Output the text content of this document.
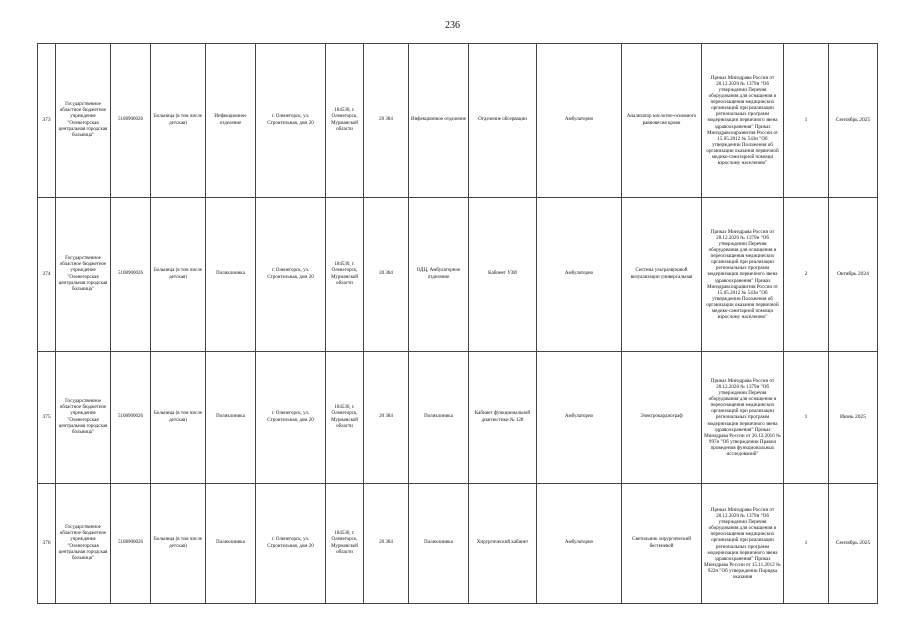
236
373	Государственное областное бюджетное учреждение "Оленегорская центральная городская больница"	5108900026	Больница (в том числе детская)	Инфекционное отделение	г. Оленегорск, ул. Строительная, дом 20	184530, г. Оленегорск, Мурманской области	20 384	Инфекционное отделение	Отделение обсервации	Амбулаторно	Анализатор кислотно-основного равновесия крови	Приказ Минздрава России от 28.12.2020 № 1379н "Об утверждении Перечня оборудования для оснащения и переоснащения медицинских организаций при реализации региональных программ модернизации первичного звена здравоохранения" Приказ Минздравсоцразвития России от 15.05.2012 № 543н "Об утверждении Положения об организации оказания первичной медико-санитарной помощи взрослому населению"	1	Сентябрь 2025
374	Государственное областное бюджетное учреждение "Оленегорская центральная городская больница"	5108900026	Больница (в том числе детская)	Поликлиника	г. Оленегорск, ул. Строительная, дом 20	184530, г. Оленегорск, Мурманской области	20 384	ОДЦ, Амбулаторное отделение	Кабинет УЗИ	Амбулаторно	Система ультразвуковой визуализации универсальная	Приказ Минздрава России от 28.12.2020 № 1379н "Об утверждении Перечня оборудования для оснащения и переоснащения медицинских организаций при реализации региональных программ модернизации первичного звена здравоохранения" Приказ Минздравсоцразвития России от 15.05.2012 № 543н "Об утверждении Положения об организации оказания первичной медико-санитарной помощи взрослому населению"	2	Октябрь 2024
375	Государственное областное бюджетное учреждение "Оленегорская центральная городская больница"	5108900026	Больница (в том числе детская)	Поликлиника	г. Оленегорск, ул. Строительная, дом 20	184530, г. Оленегорск, Мурманской области	20 384	Поликлиника	Кабинет функциональной диагностики № 128	Амбулаторно	Электрокардиограф	Приказ Минздрава России от 28.12.2020 № 1379н "Об утверждении Перечня оборудования для оснащения и переоснащения медицинских организаций при реализации региональных программ модернизации первичного звена здравоохранения" Приказ Минздрава России от 26.12.2016 № 997н "Об утверждении Правил проведения функциональных исследований"	1	Июнь 2025
376	Государственное областное бюджетное учреждение "Оленегорская центральная городская больница"	5108900026	Больница (в том числе детская)	Поликлиника	г. Оленегорск, ул. Строительная, дом 20	184530, г. Оленегорск, Мурманской области	20 384	Поликлиника	Хирургический кабинет	Амбулаторно	Светильник хирургический бестеневой	Приказ Минздрава России от 28.12.2020 № 1379н "Об утверждении Перечня оборудования для оснащения и переоснащения медицинских организаций при реализации региональных программ модернизации первичного звена здравоохранения" Приказ Минздрава России от 15.11.2012 № 922н "Об утверждении Порядка оказания	1	Сентябрь 2025
